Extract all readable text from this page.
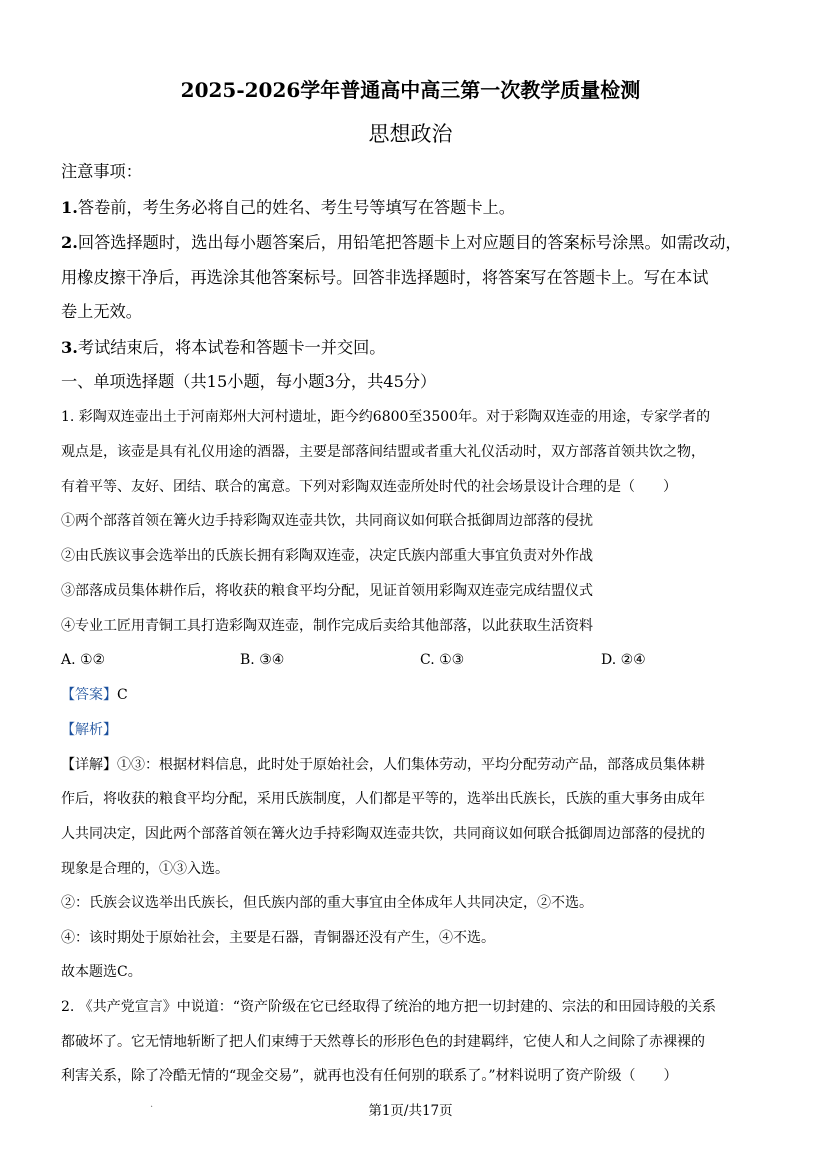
2025-2026学年普通高中高三第一次教学质量检测
思想政治
注意事项：
1.答卷前，考生务必将自己的姓名、考生号等填写在答题卡上。
2.回答选择题时，选出每小题答案后，用铅笔把答题卡上对应题目的答案标号涂黑。如需改动，
用橡皮擦干净后，再选涂其他答案标号。回答非选择题时，将答案写在答题卡上。写在本试
卷上无效。
3.考试结束后，将本试卷和答题卡一并交回。
一、单项选择题（共15小题，每小题3分，共45分）
1. 彩陶双连壶出土于河南郑州大河村遗址，距今约6800至3500年。对于彩陶双连壶的用途，专家学者的
观点是，该壶是具有礼仪用途的酒器，主要是部落间结盟或者重大礼仪活动时，双方部落首领共饮之物，
有着平等、友好、团结、联合的寓意。下列对彩陶双连壶所处时代的社会场景设计合理的是（　　）
①两个部落首领在篝火边手持彩陶双连壶共饮，共同商议如何联合抵御周边部落的侵扰
②由氏族议事会选举出的氏族长拥有彩陶双连壶，决定氏族内部重大事宜负责对外作战
③部落成员集体耕作后，将收获的粮食平均分配，见证首领用彩陶双连壶完成结盟仪式
④专业工匠用青铜工具打造彩陶双连壶，制作完成后卖给其他部落，以此获取生活资料
A. ①②	B. ③④	C. ①③	D. ②④
【答案】C
【解析】
【详解】①③：根据材料信息，此时处于原始社会，人们集体劳动，平均分配劳动产品，部落成员集体耕
作后，将收获的粮食平均分配，采用氏族制度，人们都是平等的，选举出氏族长，氏族的重大事务由成年
人共同决定，因此两个部落首领在篝火边手持彩陶双连壶共饮，共同商议如何联合抵御周边部落的侵扰的
现象是合理的，①③入选。
②：氏族会议选举出氏族长，但氏族内部的重大事宜由全体成年人共同决定，②不选。
④：该时期处于原始社会，主要是石器，青铜器还没有产生，④不选。
故本题选C。
2. 《共产党宣言》中说道：“资产阶级在它已经取得了统治的地方把一切封建的、宗法的和田园诗般的关系
都破坏了。它无情地斩断了把人们束缚于天然尊长的形形色色的封建羁绊，它使人和人之间除了赤裸裸的
利害关系，除了冷酷无情的“现金交易”，就再也没有任何别的联系了。”材料说明了资产阶级（　　）
.	第1页/共17页
